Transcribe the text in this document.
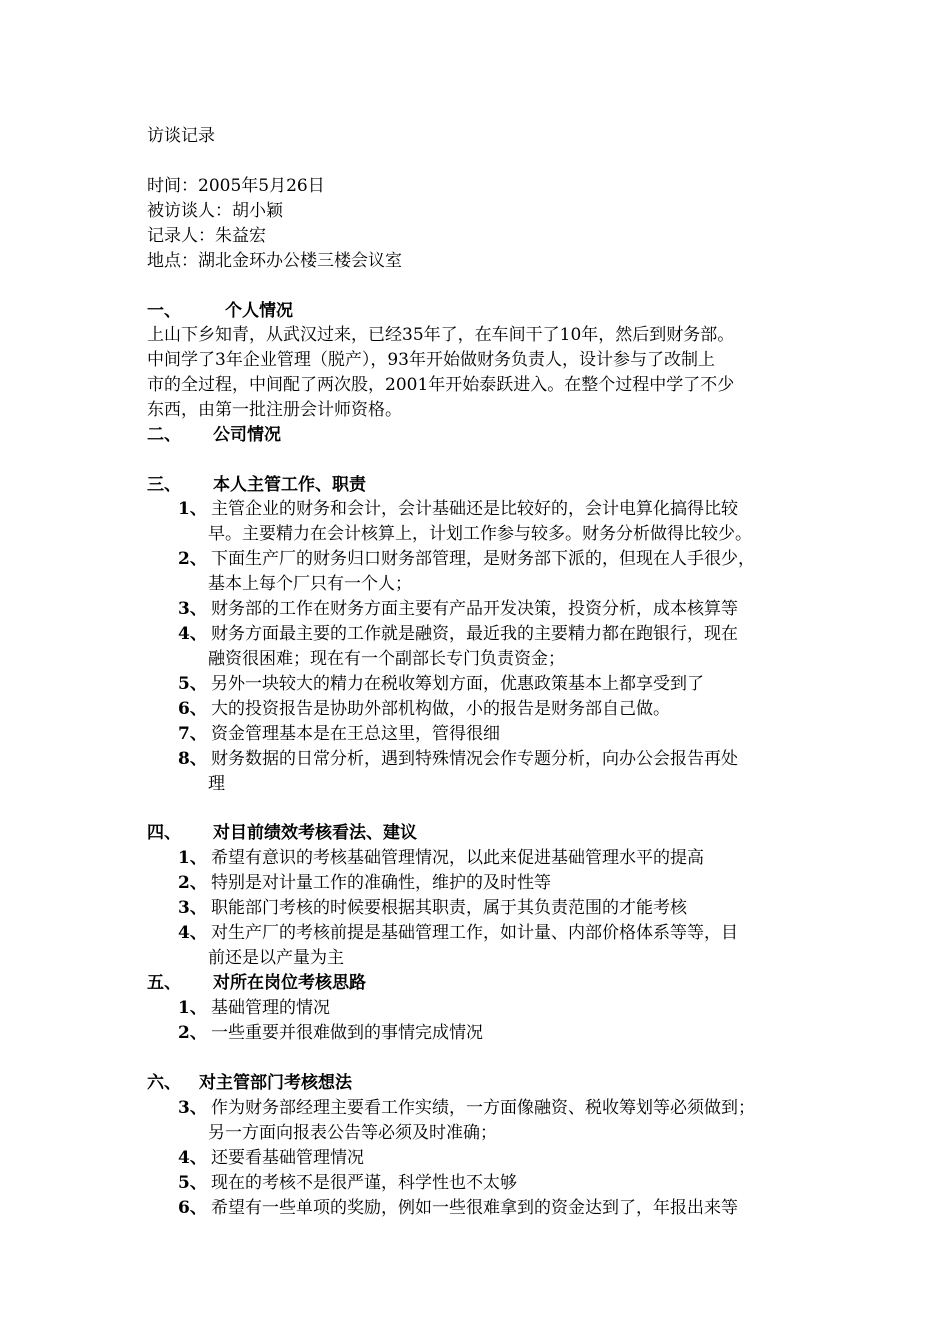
访谈记录
时间：2005年5月26日
被访谈人：胡小颖
记录人：朱益宏
地点：湖北金环办公楼三楼会议室
一、	个人情况
上山下乡知青，从武汉过来，已经35年了，在车间干了10年，然后到财务部。
中间学了3年企业管理（脱产），93年开始做财务负责人，设计参与了改制上
市的全过程，中间配了两次股，2001年开始泰跃进入。在整个过程中学了不少
东西，由第一批注册会计师资格。
二、 公司情况
三、 本人主管工作、职责
1、 主管企业的财务和会计，会计基础还是比较好的，会计电算化搞得比较
早。主要精力在会计核算上，计划工作参与较多。财务分析做得比较少。
2、 下面生产厂的财务归口财务部管理，是财务部下派的，但现在人手很少，
基本上每个厂只有一个人；
3、 财务部的工作在财务方面主要有产品开发决策，投资分析，成本核算等
4、 财务方面最主要的工作就是融资，最近我的主要精力都在跑银行，现在
融资很困难；现在有一个副部长专门负责资金；
5、 另外一块较大的精力在税收筹划方面，优惠政策基本上都享受到了
6、 大的投资报告是协助外部机构做，小的报告是财务部自己做。
7、 资金管理基本是在王总这里，管得很细
8、 财务数据的日常分析，遇到特殊情况会作专题分析，向办公会报告再处
理
四、 对目前绩效考核看法、建议
1、 希望有意识的考核基础管理情况，以此来促进基础管理水平的提高
2、 特别是对计量工作的准确性，维护的及时性等
3、 职能部门考核的时候要根据其职责，属于其负责范围的才能考核
4、 对生产厂的考核前提是基础管理工作，如计量、内部价格体系等等，目
前还是以产量为主
五、 对所在岗位考核思路
1、 基础管理的情况
2、 一些重要并很难做到的事情完成情况
六、 对主管部门考核想法
3、 作为财务部经理主要看工作实绩，一方面像融资、税收筹划等必须做到；
另一方面向报表公告等必须及时准确；
4、 还要看基础管理情况
5、 现在的考核不是很严谨，科学性也不太够
6、 希望有一些单项的奖励，例如一些很难拿到的资金达到了，年报出来等
